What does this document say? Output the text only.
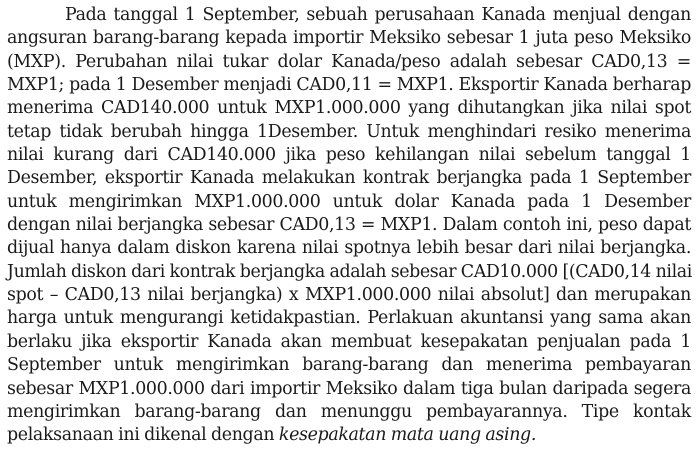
Pada tanggal 1 September, sebuah perusahaan Kanada menjual dengan
angsuran barang-barang kepada importir Meksiko sebesar 1 juta peso Meksiko
(MXP). Perubahan nilai tukar dolar Kanada/peso adalah sebesar CAD0,13 =
MXP1; pada 1 Desember menjadi CAD0,11 = MXP1. Eksportir Kanada berharap
menerima CAD140.000 untuk MXP1.000.000 yang dihutangkan jika nilai spot
tetap tidak berubah hingga 1Desember. Untuk menghindari resiko menerima
nilai kurang dari CAD140.000 jika peso kehilangan nilai sebelum tanggal 1
Desember, eksportir Kanada melakukan kontrak berjangka pada 1 September
untuk mengirimkan MXP1.000.000 untuk dolar Kanada pada 1 Desember
dengan nilai berjangka sebesar CAD0,13 = MXP1. Dalam contoh ini, peso dapat
dijual hanya dalam diskon karena nilai spotnya lebih besar dari nilai berjangka.
Jumlah diskon dari kontrak berjangka adalah sebesar CAD10.000 [(CAD0,14 nilai
spot – CAD0,13 nilai berjangka) x MXP1.000.000 nilai absolut] dan merupakan
harga untuk mengurangi ketidakpastian. Perlakuan akuntansi yang sama akan
berlaku jika eksportir Kanada akan membuat kesepakatan penjualan pada 1
September untuk mengirimkan barang-barang dan menerima pembayaran
sebesar MXP1.000.000 dari importir Meksiko dalam tiga bulan daripada segera
mengirimkan barang-barang dan menunggu pembayarannya. Tipe kontak
pelaksanaan ini dikenal dengan kesepakatan mata uang asing.
